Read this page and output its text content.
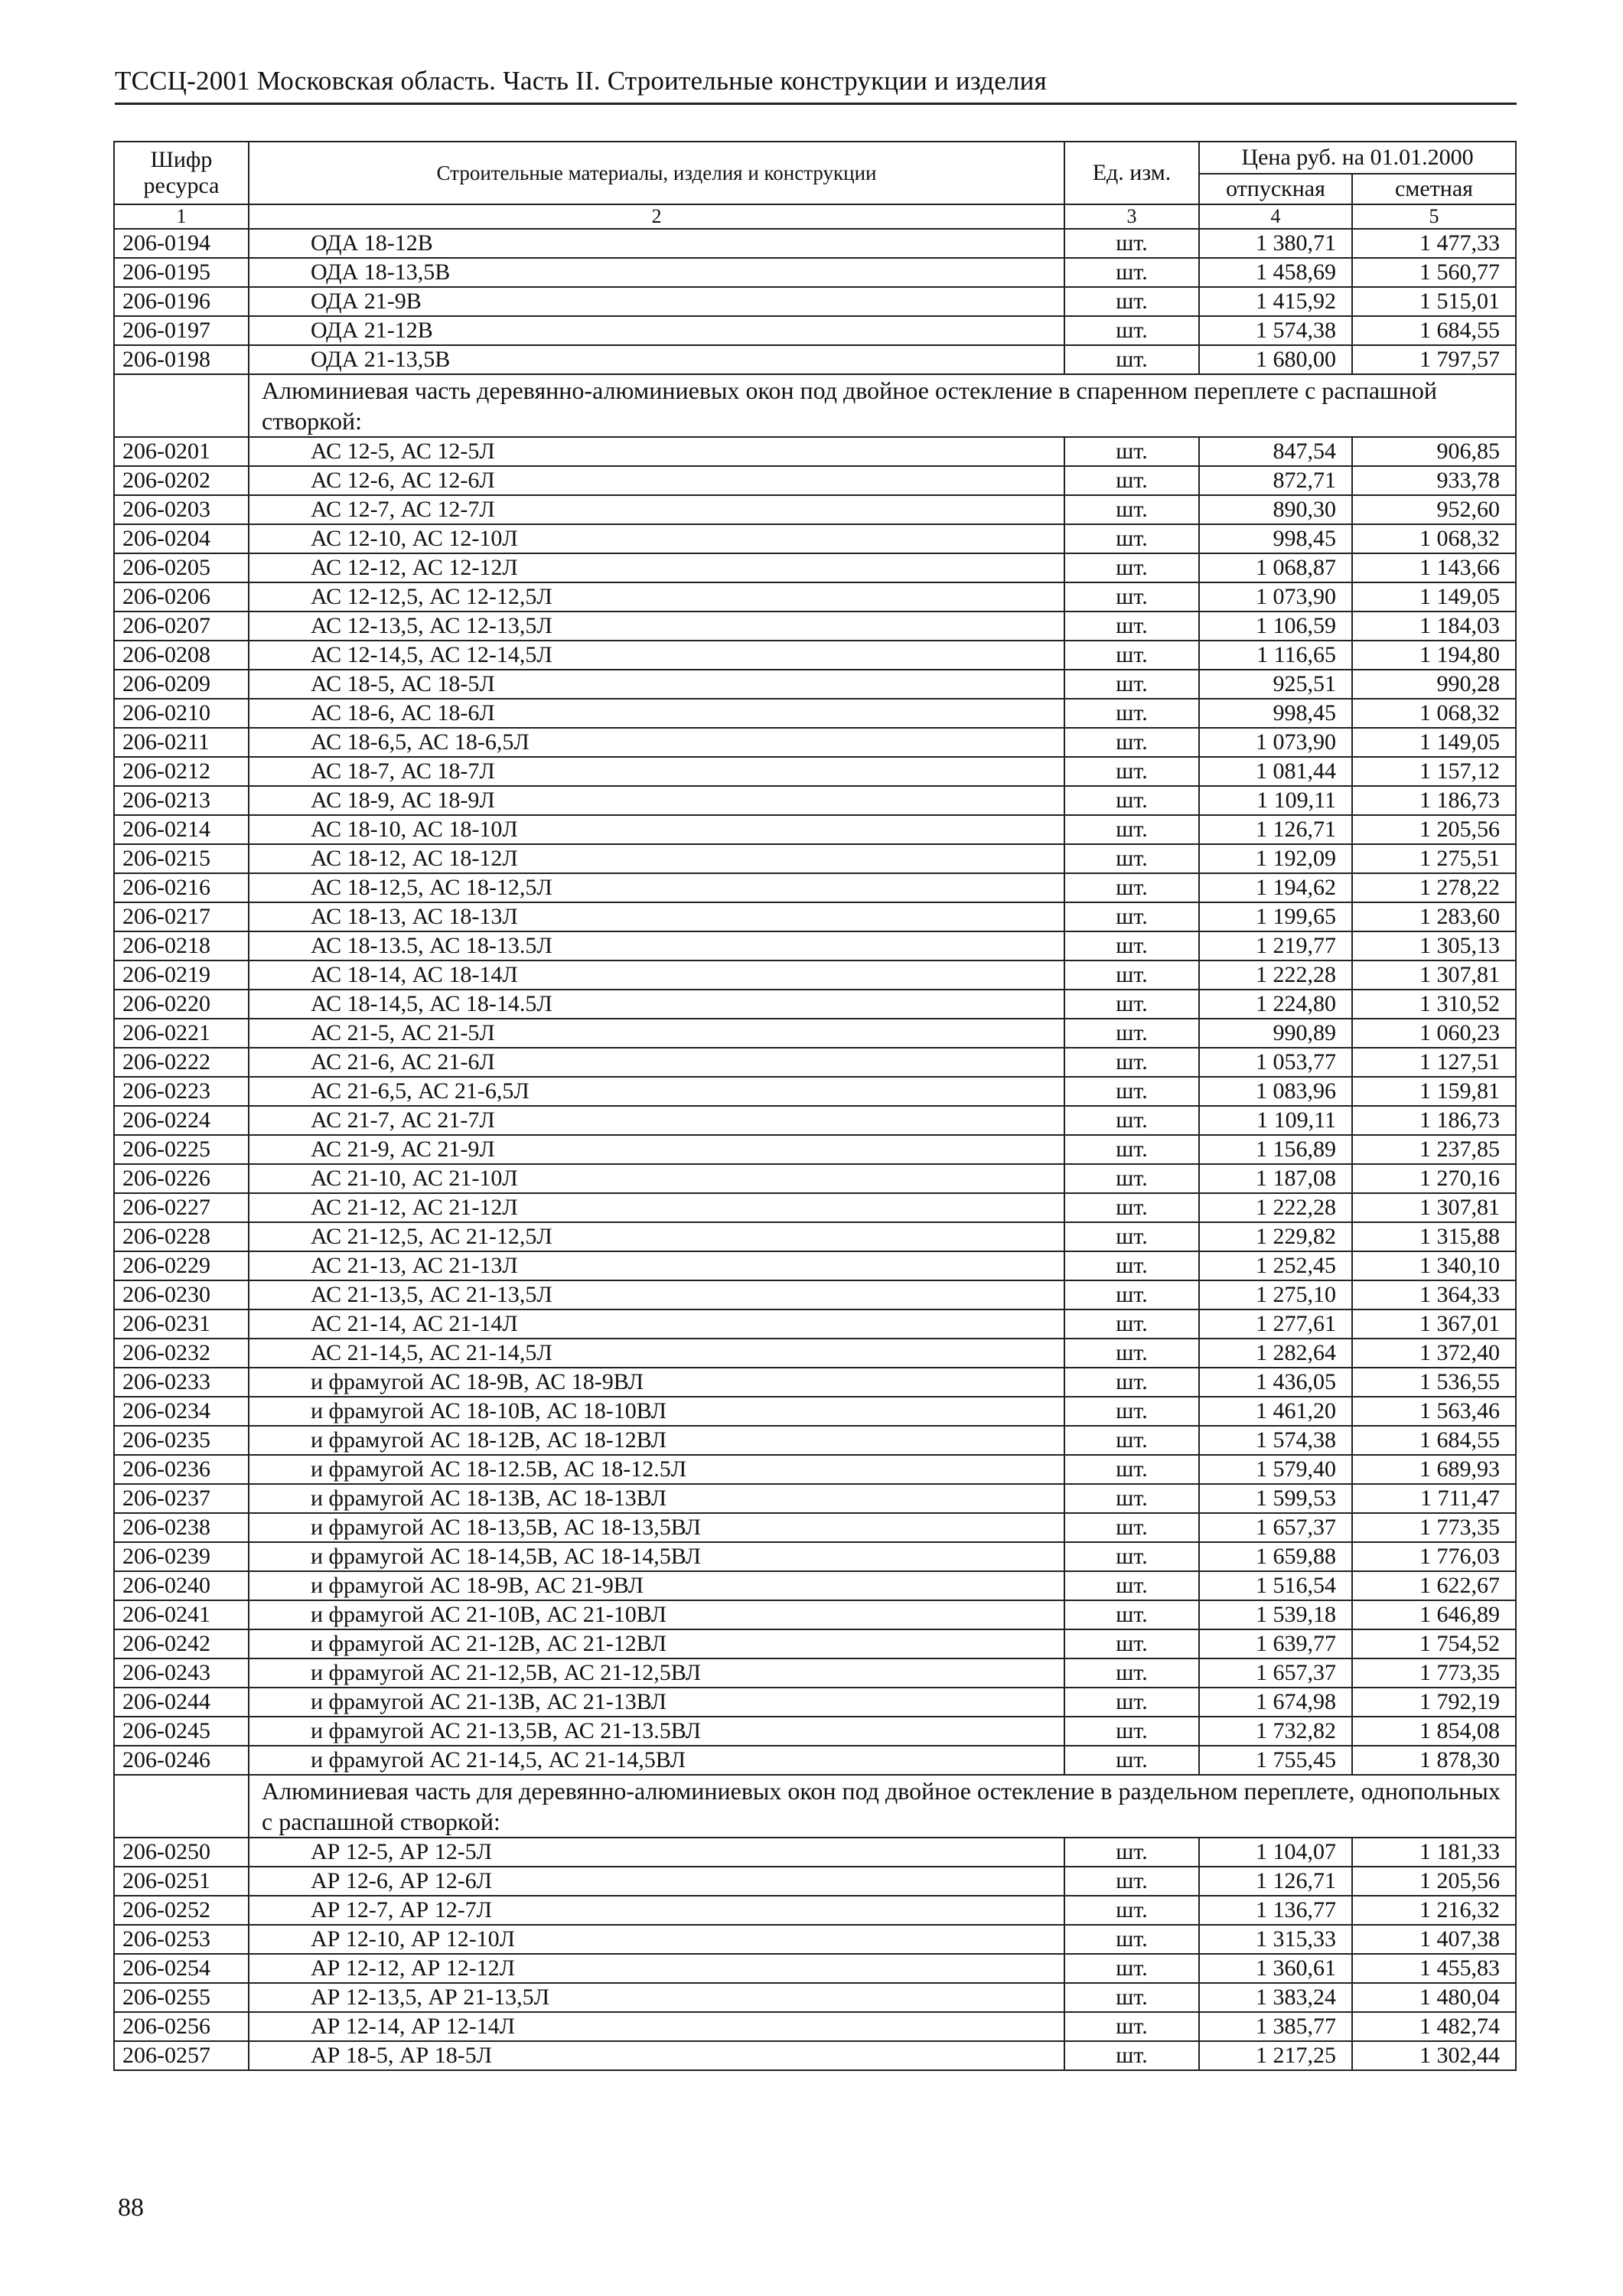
ТССЦ-2001 Московская область. Часть II. Строительные конструкции и изделия
Шифр ресурса	Строительные материалы, изделия и конструкции	Ед. изм.	Цена руб. на 01.01.2000	
			отпускная	сметная
1	2	3	4	5
206-0194	ОДА 18-12В	шт.	1 380,71	1 477,33
206-0195	ОДА 18-13,5В	шт.	1 458,69	1 560,77
206-0196	ОДА 21-9В	шт.	1 415,92	1 515,01
206-0197	ОДА 21-12В	шт.	1 574,38	1 684,55
206-0198	ОДА 21-13,5В	шт.	1 680,00	1 797,57
	Алюминиевая часть деревянно-алюминиевых окон под двойное остекление в спаренном переплете с распашной створкой:			
206-0201	АС 12-5, АС 12-5Л	шт.	847,54	906,85
206-0202	АС 12-6, АС 12-6Л	шт.	872,71	933,78
206-0203	АС 12-7, АС 12-7Л	шт.	890,30	952,60
206-0204	АС 12-10, АС 12-10Л	шт.	998,45	1 068,32
206-0205	АС 12-12, АС 12-12Л	шт.	1 068,87	1 143,66
206-0206	АС 12-12,5, АС 12-12,5Л	шт.	1 073,90	1 149,05
206-0207	АС 12-13,5, АС 12-13,5Л	шт.	1 106,59	1 184,03
206-0208	АС 12-14,5, АС 12-14,5Л	шт.	1 116,65	1 194,80
206-0209	АС 18-5, АС 18-5Л	шт.	925,51	990,28
206-0210	АС 18-6, АС 18-6Л	шт.	998,45	1 068,32
206-0211	АС 18-6,5, АС 18-6,5Л	шт.	1 073,90	1 149,05
206-0212	АС 18-7, АС 18-7Л	шт.	1 081,44	1 157,12
206-0213	АС 18-9, АС 18-9Л	шт.	1 109,11	1 186,73
206-0214	АС 18-10, АС 18-10Л	шт.	1 126,71	1 205,56
206-0215	АС 18-12, АС 18-12Л	шт.	1 192,09	1 275,51
206-0216	АС 18-12,5, АС 18-12,5Л	шт.	1 194,62	1 278,22
206-0217	АС 18-13, АС 18-13Л	шт.	1 199,65	1 283,60
206-0218	АС 18-13.5, АС 18-13.5Л	шт.	1 219,77	1 305,13
206-0219	АС 18-14, АС 18-14Л	шт.	1 222,28	1 307,81
206-0220	АС 18-14,5, АС 18-14.5Л	шт.	1 224,80	1 310,52
206-0221	АС 21-5, АС 21-5Л	шт.	990,89	1 060,23
206-0222	АС 21-6, АС 21-6Л	шт.	1 053,77	1 127,51
206-0223	АС 21-6,5, АС 21-6,5Л	шт.	1 083,96	1 159,81
206-0224	АС 21-7, АС 21-7Л	шт.	1 109,11	1 186,73
206-0225	АС 21-9, АС 21-9Л	шт.	1 156,89	1 237,85
206-0226	АС 21-10, АС 21-10Л	шт.	1 187,08	1 270,16
206-0227	АС 21-12, АС 21-12Л	шт.	1 222,28	1 307,81
206-0228	АС 21-12,5, АС 21-12,5Л	шт.	1 229,82	1 315,88
206-0229	АС 21-13, АС 21-13Л	шт.	1 252,45	1 340,10
206-0230	АС 21-13,5, АС 21-13,5Л	шт.	1 275,10	1 364,33
206-0231	АС 21-14, АС 21-14Л	шт.	1 277,61	1 367,01
206-0232	АС 21-14,5, АС 21-14,5Л	шт.	1 282,64	1 372,40
206-0233	и фрамугой АС 18-9В, АС 18-9ВЛ	шт.	1 436,05	1 536,55
206-0234	и фрамугой АС 18-10В, АС 18-10ВЛ	шт.	1 461,20	1 563,46
206-0235	и фрамугой АС 18-12В, АС 18-12ВЛ	шт.	1 574,38	1 684,55
206-0236	и фрамугой АС 18-12.5В, АС 18-12.5Л	шт.	1 579,40	1 689,93
206-0237	и фрамугой АС 18-13В, АС 18-13ВЛ	шт.	1 599,53	1 711,47
206-0238	и фрамугой АС 18-13,5В, АС 18-13,5ВЛ	шт.	1 657,37	1 773,35
206-0239	и фрамугой АС 18-14,5В, АС 18-14,5ВЛ	шт.	1 659,88	1 776,03
206-0240	и фрамугой АС 18-9В, АС 21-9ВЛ	шт.	1 516,54	1 622,67
206-0241	и фрамугой АС 21-10В, АС 21-10ВЛ	шт.	1 539,18	1 646,89
206-0242	и фрамугой АС 21-12В, АС 21-12ВЛ	шт.	1 639,77	1 754,52
206-0243	и фрамугой АС 21-12,5В, АС 21-12,5ВЛ	шт.	1 657,37	1 773,35
206-0244	и фрамугой АС 21-13В, АС 21-13ВЛ	шт.	1 674,98	1 792,19
206-0245	и фрамугой АС 21-13,5В, АС 21-13.5ВЛ	шт.	1 732,82	1 854,08
206-0246	и фрамугой АС 21-14,5, АС 21-14,5ВЛ	шт.	1 755,45	1 878,30
	Алюминиевая часть для деревянно-алюминиевых окон под двойное остекление в раздельном переплете, однопольных с распашной створкой:			
206-0250	АР 12-5, АР 12-5Л	шт.	1 104,07	1 181,33
206-0251	АР 12-6, АР 12-6Л	шт.	1 126,71	1 205,56
206-0252	АР 12-7, АР 12-7Л	шт.	1 136,77	1 216,32
206-0253	АР 12-10, АР 12-10Л	шт.	1 315,33	1 407,38
206-0254	АР 12-12, АР 12-12Л	шт.	1 360,61	1 455,83
206-0255	АР 12-13,5, АР 21-13,5Л	шт.	1 383,24	1 480,04
206-0256	АР 12-14, АР 12-14Л	шт.	1 385,77	1 482,74
206-0257	АР 18-5, АР 18-5Л	шт.	1 217,25	1 302,44
88
